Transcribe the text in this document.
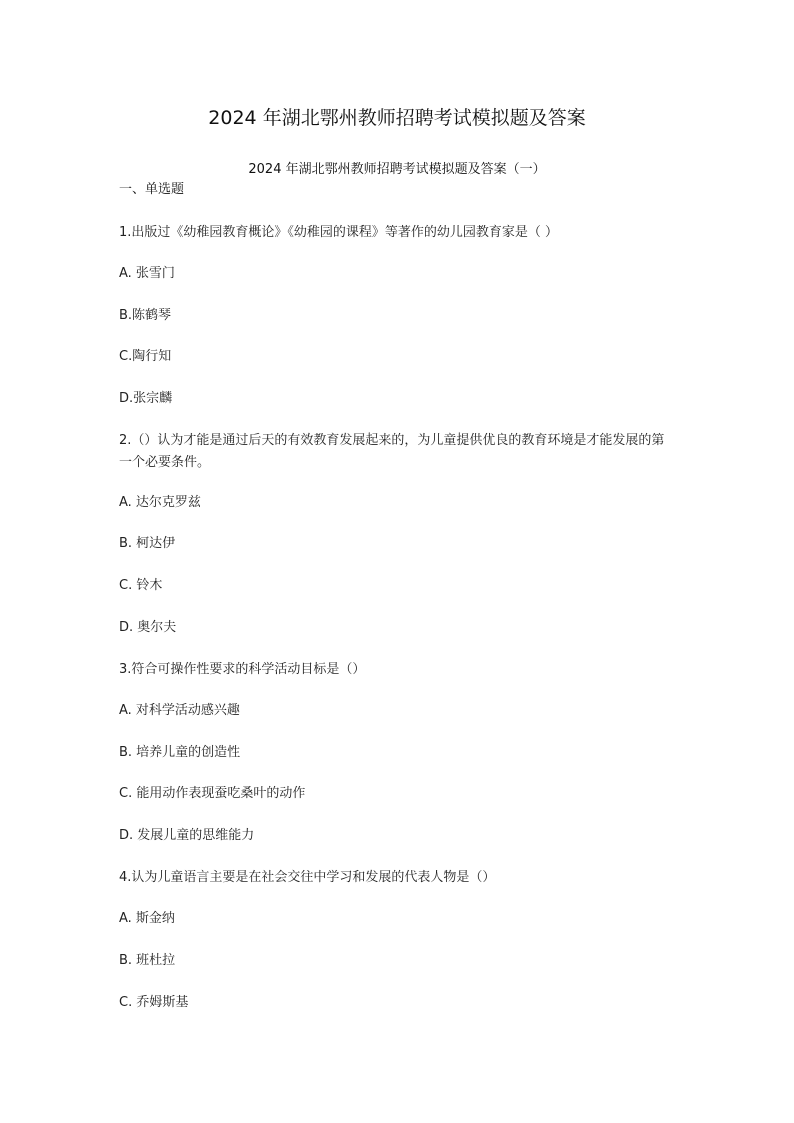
2024 年湖北鄂州教师招聘考试模拟题及答案
2024 年湖北鄂州教师招聘考试模拟题及答案（一）
一、单选题
1.出版过《幼稚园教育概论》《幼稚园的课程》等著作的幼儿园教育家是（ ）
A. 张雪门
B.陈鹤琴
C.陶行知
D.张宗麟
2.（）认为才能是通过后天的有效教育发展起来的，为儿童提供优良的教育环境是才能发展的第一个必要条件。
A. 达尔克罗兹
B. 柯达伊
C. 铃木
D. 奥尔夫
3.符合可操作性要求的科学活动目标是（）
A. 对科学活动感兴趣
B. 培养儿童的创造性
C. 能用动作表现蚕吃桑叶的动作
D. 发展儿童的思维能力
4.认为儿童语言主要是在社会交往中学习和发展的代表人物是（）
A. 斯金纳
B. 班杜拉
C. 乔姆斯基
